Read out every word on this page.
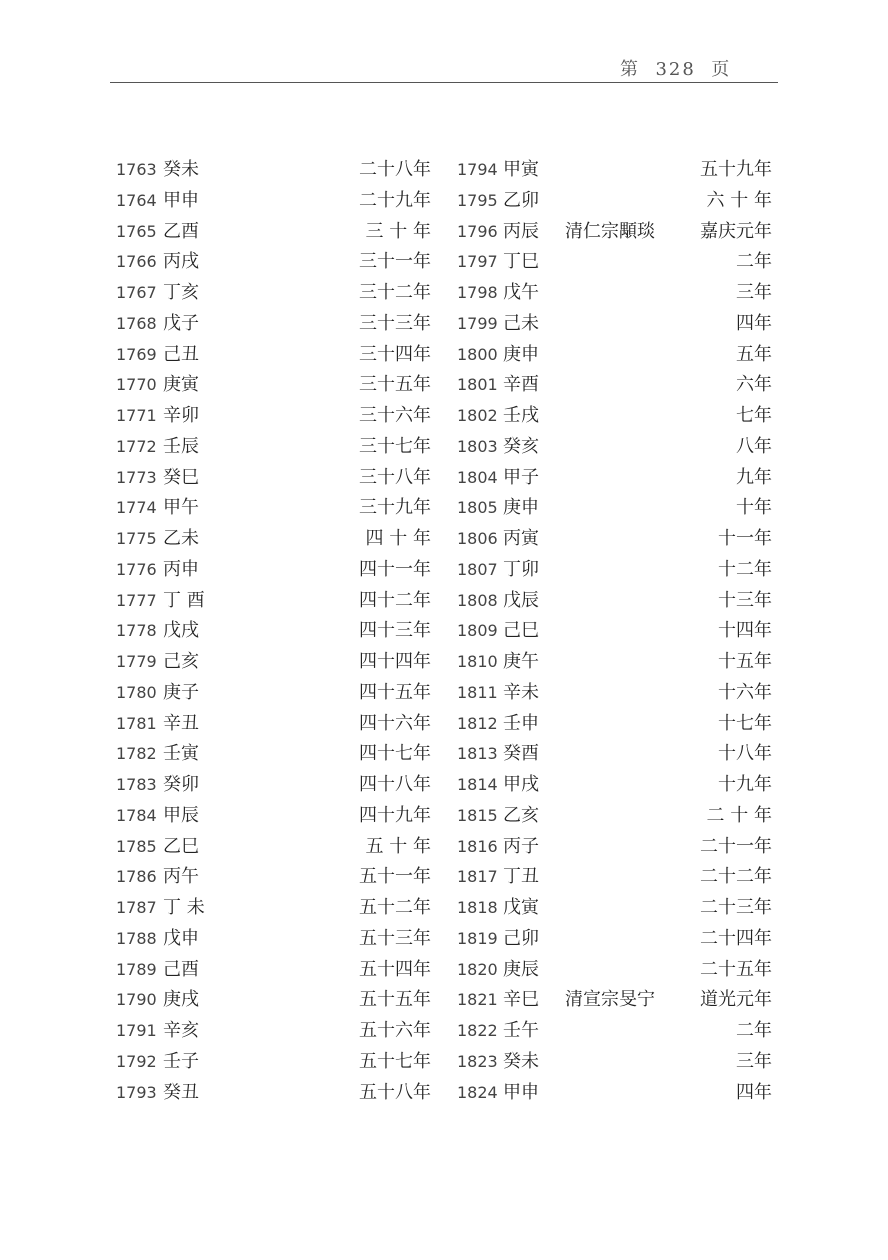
第 328 页
1763 癸未	二十八年 1794 甲寅	五十九年
1764 甲申	二十九年 1795 乙卯	六 十 年
1765 乙酉	三 十 年 1796 丙辰 清仁宗顒琰	嘉庆元年
1766 丙戌	三十一年 1797 丁巳	二年
1767 丁亥	三十二年 1798 戊午	三年
1768 戊子	三十三年 1799 己未	四年
1769 己丑	三十四年 1800 庚申	五年
1770 庚寅	三十五年 1801 辛酉	六年
1771 辛卯	三十六年 1802 壬戌	七年
1772 壬辰	三十七年 1803 癸亥	八年
1773 癸巳	三十八年 1804 甲子	九年
1774 甲午	三十九年 1805 庚申	十年
1775 乙未	四 十 年 1806 丙寅	十一年
1776 丙申	四十一年 1807 丁卯	十二年
1777 丁 酉	四十二年 1808 戊辰	十三年
1778 戊戌	四十三年 1809 己巳	十四年
1779 己亥	四十四年 1810 庚午	十五年
1780 庚子	四十五年 1811 辛未	十六年
1781 辛丑	四十六年 1812 壬申	十七年
1782 壬寅	四十七年 1813 癸酉	十八年
1783 癸卯	四十八年 1814 甲戌	十九年
1784 甲辰	四十九年 1815 乙亥	二 十 年
1785 乙巳	五 十 年 1816 丙子	二十一年
1786 丙午	五十一年 1817 丁丑	二十二年
1787 丁 未	五十二年 1818 戊寅	二十三年
1788 戊申	五十三年 1819 己卯	二十四年
1789 己酉	五十四年 1820 庚辰	二十五年
1790 庚戌	五十五年 1821 辛巳 清宣宗旻宁	道光元年
1791 辛亥	五十六年 1822 壬午	二年
1792 壬子	五十七年 1823 癸未	三年
1793 癸丑	五十八年 1824 甲申	四年
